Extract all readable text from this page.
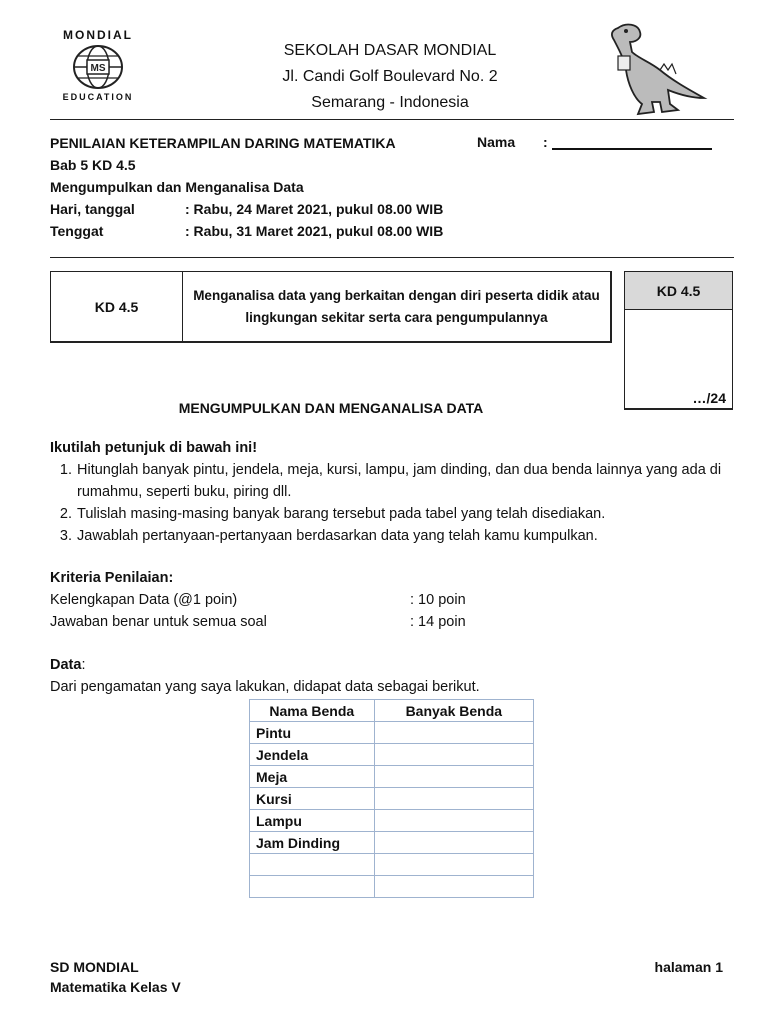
MONDIAL
MS
EDUCATION
SEKOLAH DASAR MONDIAL
Jl. Candi Golf Boulevard No. 2
Semarang - Indonesia
PENILAIAN KETERAMPILAN DARING MATEMATIKA
Bab 5 KD 4.5
Mengumpulkan dan Menganalisa Data
Hari, tanggal	: Rabu, 24 Maret 2021, pukul 08.00 WIB
Tenggat	: Rabu, 31 Maret 2021, pukul 08.00 WIB
Nama :
KD 4.5
Menganalisa data yang berkaitan dengan diri peserta didik atau lingkungan sekitar serta cara pengumpulannya
KD 4.5
…/24
MENGUMPULKAN DAN MENGANALISA DATA
Ikutilah petunjuk di bawah ini!
1. Hitunglah banyak pintu, jendela, meja, kursi, lampu, jam dinding, dan dua benda lainnya yang ada di rumahmu, seperti buku, piring dll.
2. Tulislah masing-masing banyak barang tersebut pada tabel yang telah disediakan.
3. Jawablah pertanyaan-pertanyaan berdasarkan data yang telah kamu kumpulkan.
Kriteria Penilaian:
Kelengkapan Data (@1 poin)	: 10 poin
Jawaban benar untuk semua soal	: 14 poin
Data:
Dari pengamatan yang saya lakukan, didapat data sebagai berikut.
Nama Benda	Banyak Benda
Pintu	
Jendela	
Meja	
Kursi	
Lampu	
Jam Dinding	

SD MONDIAL
Matematika Kelas V
halaman 1
